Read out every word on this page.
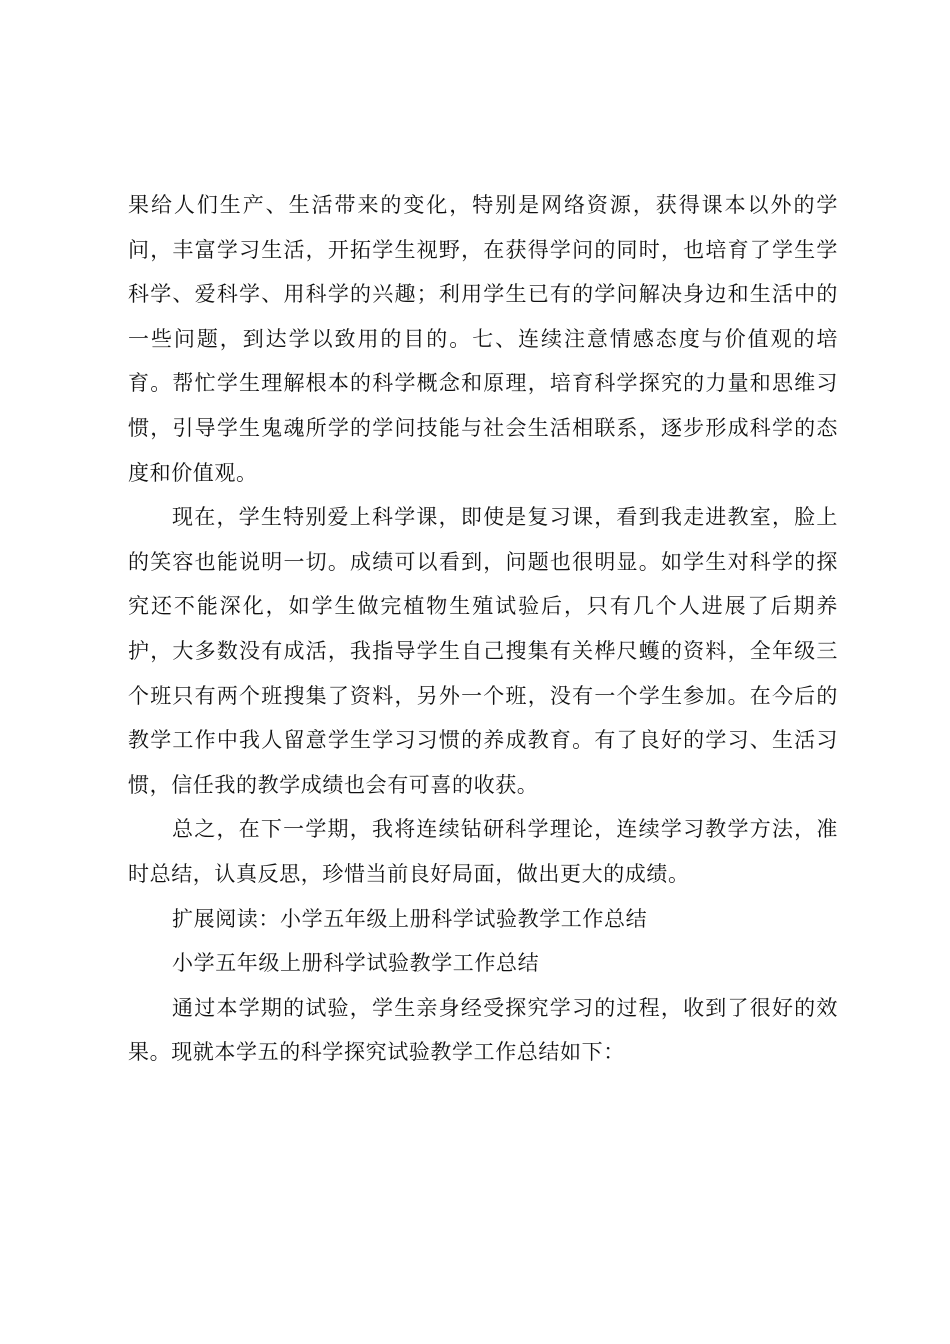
果给人们生产、生活带来的变化，特别是网络资源，获得课本以外的学问，丰富学习生活，开拓学生视野，在获得学问的同时，也培育了学生学科学、爱科学、用科学的兴趣；利用学生已有的学问解决身边和生活中的一些问题，到达学以致用的目的。七、连续注意情感态度与价值观的培育。帮忙学生理解根本的科学概念和原理，培育科学探究的力量和思维习惯，引导学生鬼魂所学的学问技能与社会生活相联系，逐步形成科学的态度和价值观。

现在，学生特别爱上科学课，即使是复习课，看到我走进教室，脸上的笑容也能说明一切。成绩可以看到，问题也很明显。如学生对科学的探究还不能深化，如学生做完植物生殖试验后，只有几个人进展了后期养护，大多数没有成活，我指导学生自己搜集有关桦尺蠖的资料，全年级三个班只有两个班搜集了资料，另外一个班，没有一个学生参加。在今后的教学工作中我人留意学生学习习惯的养成教育。有了良好的学习、生活习惯，信任我的教学成绩也会有可喜的收获。

总之，在下一学期，我将连续钻研科学理论，连续学习教学方法，准时总结，认真反思，珍惜当前良好局面，做出更大的成绩。

扩展阅读：小学五年级上册科学试验教学工作总结

小学五年级上册科学试验教学工作总结

通过本学期的试验，学生亲身经受探究学习的过程，收到了很好的效果。现就本学五的科学探究试验教学工作总结如下：
